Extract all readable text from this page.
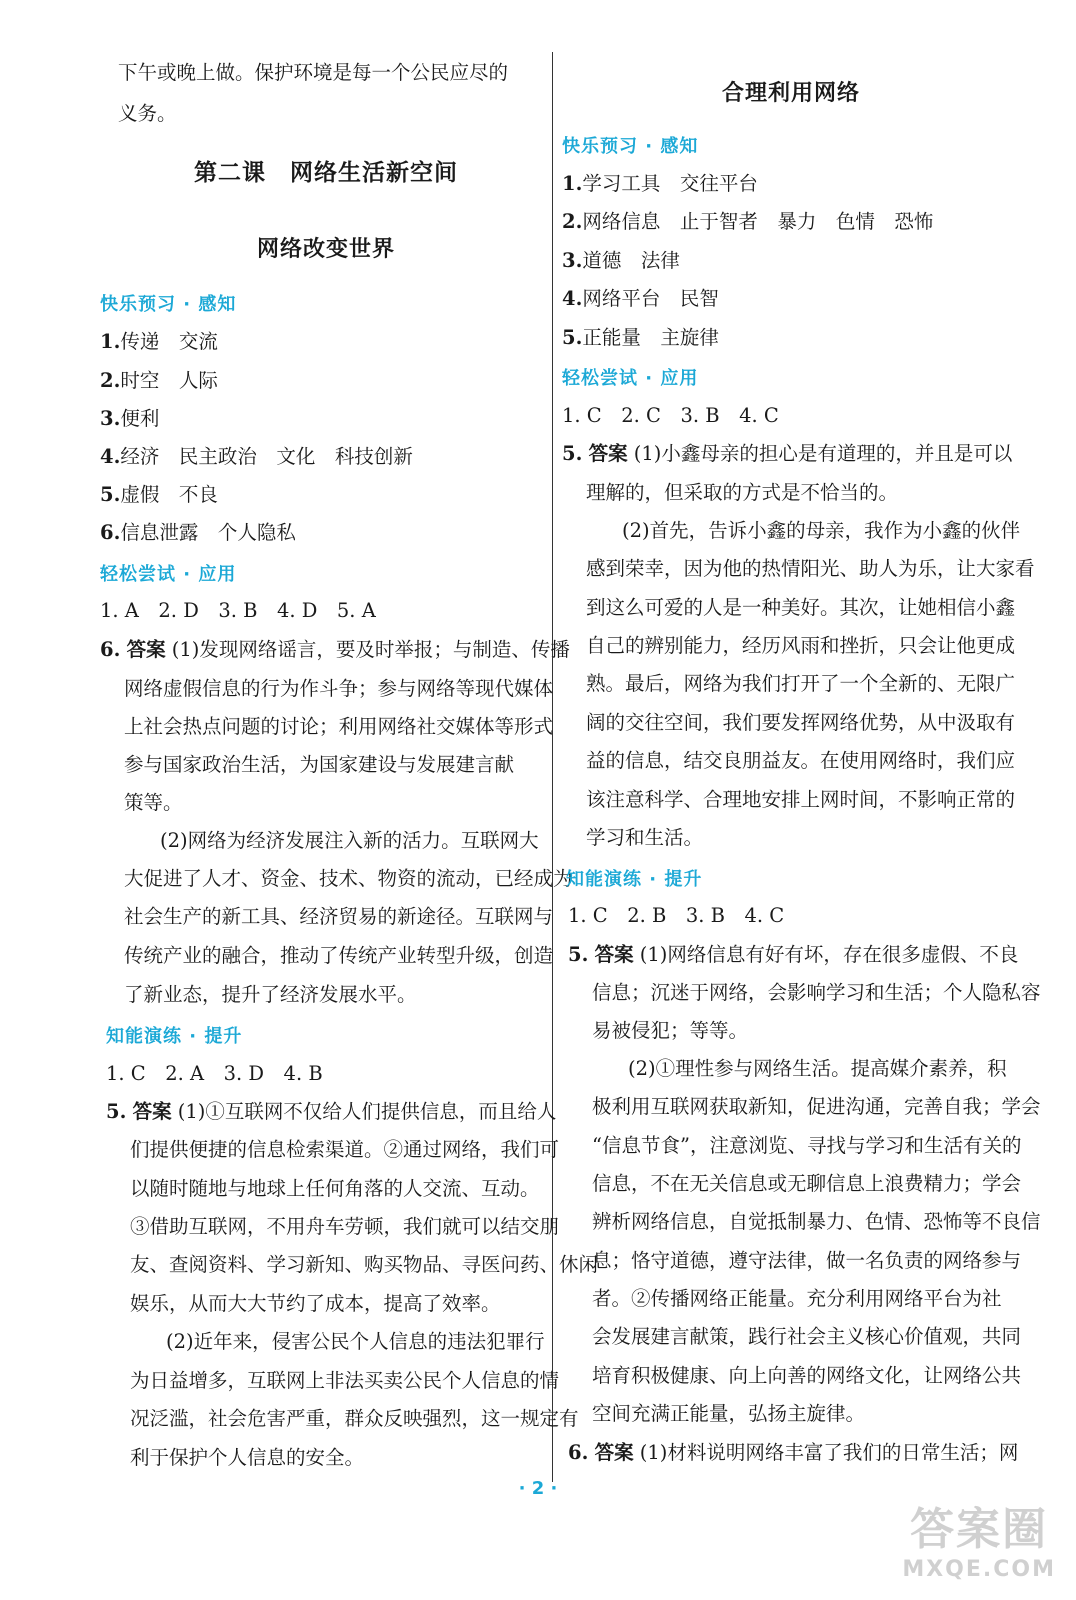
下午或晚上做。保护环境是每一个公民应尽的
义务。
第二课　网络生活新空间
网络改变世界
快乐预习 · 感知
1.传递　交流
2.时空　人际
3.便利
4.经济　民主政治　文化　科技创新
5.虚假　不良
6.信息泄露　个人隐私
轻松尝试 · 应用
1. A　2. D　3. B　4. D　5. A
6. 答案 (1)发现网络谣言，要及时举报；与制造、传播
网络虚假信息的行为作斗争；参与网络等现代媒体
上社会热点问题的讨论；利用网络社交媒体等形式
参与国家政治生活，为国家建设与发展建言献
策等。
(2)网络为经济发展注入新的活力。互联网大
大促进了人才、资金、技术、物资的流动，已经成为
社会生产的新工具、经济贸易的新途径。互联网与
传统产业的融合，推动了传统产业转型升级，创造
了新业态，提升了经济发展水平。
知能演练 · 提升
1. C　2. A　3. D　4. B
5. 答案 (1)①互联网不仅给人们提供信息，而且给人
们提供便捷的信息检索渠道。②通过网络，我们可
以随时随地与地球上任何角落的人交流、互动。
③借助互联网，不用舟车劳顿，我们就可以结交朋
友、查阅资料、学习新知、购买物品、寻医问药、休闲
娱乐，从而大大节约了成本，提高了效率。
(2)近年来，侵害公民个人信息的违法犯罪行
为日益增多，互联网上非法买卖公民个人信息的情
况泛滥，社会危害严重，群众反映强烈，这一规定有
利于保护个人信息的安全。
合理利用网络
快乐预习 · 感知
1.学习工具　交往平台
2.网络信息　止于智者　暴力　色情　恐怖
3.道德　法律
4.网络平台　民智
5.正能量　主旋律
轻松尝试 · 应用
1. C　2. C　3. B　4. C
5. 答案 (1)小鑫母亲的担心是有道理的，并且是可以
理解的，但采取的方式是不恰当的。
(2)首先，告诉小鑫的母亲，我作为小鑫的伙伴
感到荣幸，因为他的热情阳光、助人为乐，让大家看
到这么可爱的人是一种美好。其次，让她相信小鑫
自己的辨别能力，经历风雨和挫折，只会让他更成
熟。最后，网络为我们打开了一个全新的、无限广
阔的交往空间，我们要发挥网络优势，从中汲取有
益的信息，结交良朋益友。在使用网络时，我们应
该注意科学、合理地安排上网时间，不影响正常的
学习和生活。
知能演练 · 提升
1. C　2. B　3. B　4. C
5. 答案 (1)网络信息有好有坏，存在很多虚假、不良
信息；沉迷于网络，会影响学习和生活；个人隐私容
易被侵犯；等等。
(2)①理性参与网络生活。提高媒介素养，积
极利用互联网获取新知，促进沟通，完善自我；学会
“信息节食”，注意浏览、寻找与学习和生活有关的
信息，不在无关信息或无聊信息上浪费精力；学会
辨析网络信息，自觉抵制暴力、色情、恐怖等不良信
息；恪守道德，遵守法律，做一名负责的网络参与
者。②传播网络正能量。充分利用网络平台为社
会发展建言献策，践行社会主义核心价值观，共同
培育积极健康、向上向善的网络文化，让网络公共
空间充满正能量，弘扬主旋律。
6. 答案 (1)材料说明网络丰富了我们的日常生活；网
· 2 ·
答案圈
MXQE.COM
